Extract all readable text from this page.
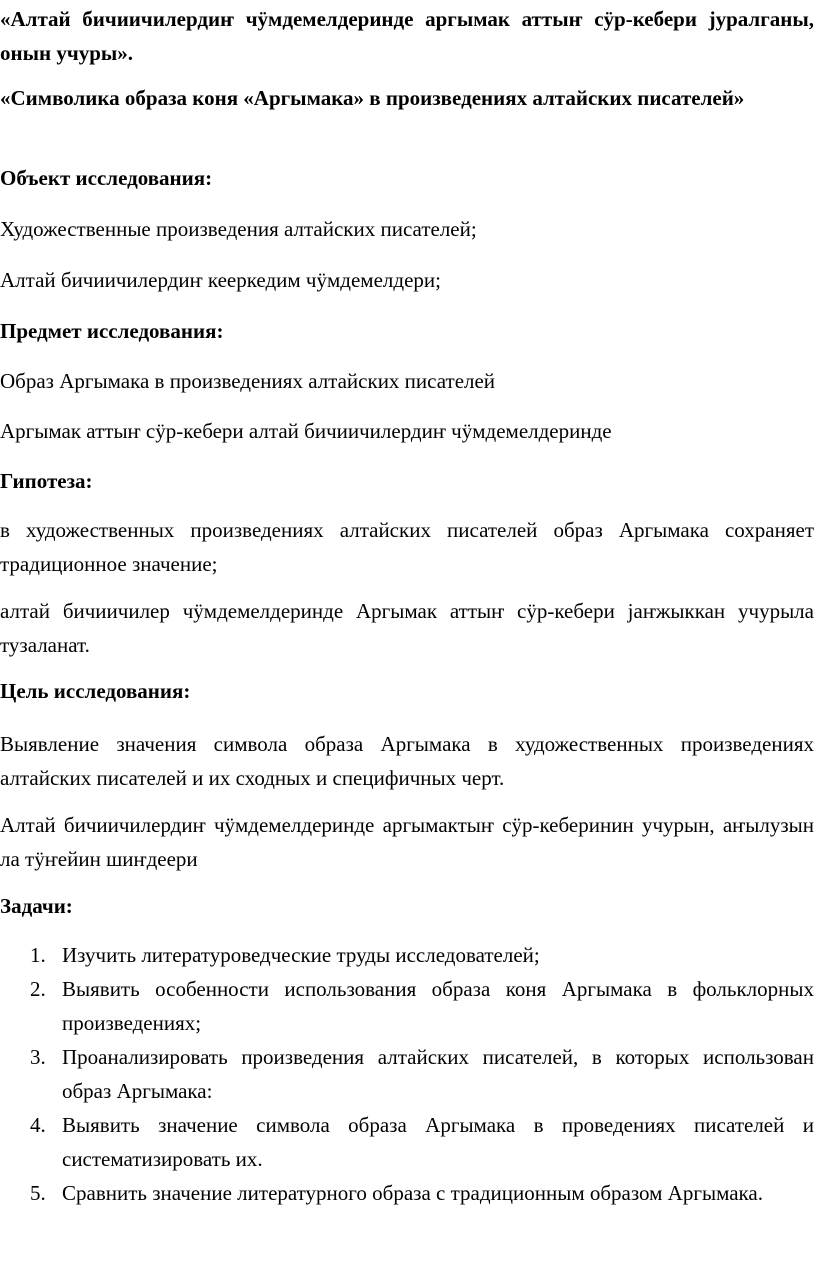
«Алтай бичиичилердиҥ чӱмдемелдеринде аргымак аттыҥ сӱр-кебери јуралганы, онын учуры».

«Символика образа коня «Аргымака» в произведениях алтайских писателей»

Объект исследования:

Художественные произведения алтайских писателей;

Алтай бичиичилердиҥ кееркедим чӱмдемелдери;

Предмет исследования:

Образ Аргымака в произведениях алтайских писателей

Аргымак аттыҥ сӱр-кебери алтай бичиичилердиҥ чӱмдемелдеринде

Гипотеза:

в художественных произведениях алтайских писателей образ Аргымака сохраняет традиционное значение;

алтай бичиичилер чӱмдемелдеринде Аргымак аттыҥ сӱр-кебери јаҥжыккан учурыла тузаланат.

Цель исследования:

Выявление значения символа образа Аргымака в художественных произведениях алтайских писателей и их сходных и специфичных черт.

Алтай бичиичилердиҥ чӱмдемелдеринде аргымактыҥ сӱр-кеберинин учурын, аҥылузын ла тӱҥейин шиҥдеери

Задачи:

1. Изучить литературоведческие труды исследователей;
2. Выявить особенности использования образа коня Аргымака в фольклорных произведениях;
3. Проанализировать произведения алтайских писателей, в которых использован образ Аргымака:
4. Выявить значение символа образа Аргымака в проведениях писателей и систематизировать их.
5. Сравнить значение литературного образа с традиционным образом Аргымака.
